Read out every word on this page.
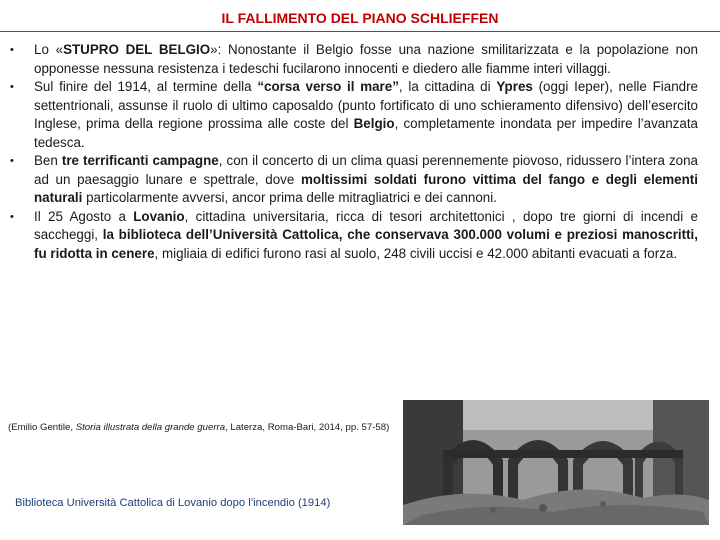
IL FALLIMENTO DEL PIANO SCHLIEFFEN
•	Lo «STUPRO DEL BELGIO»: Nonostante il Belgio fosse una nazione smilitarizzata e la popolazione non opponesse nessuna resistenza i tedeschi fucilarono innocenti e diedero alle fiamme interi villaggi.
•	Sul finire del 1914, al termine della “corsa verso il mare”, la cittadina di Ypres (oggi Ieper), nelle Fiandre settentrionali, assunse il ruolo di ultimo caposaldo (punto fortificato di uno schieramento difensivo) dell’esercito Inglese, prima della regione prossima alle coste del Belgio, completamente inondata per impedire l’avanzata tedesca.
•	Ben tre terrificanti campagne, con il concerto di un clima quasi perennemente piovoso, ridussero l’intera zona ad un paesaggio lunare e spettrale, dove moltissimi soldati furono vittima del fango e degli elementi naturali particolarmente avversi, ancor prima delle mitragliatrici e dei cannoni.
•	Il 25 Agosto a Lovanio, cittadina universitaria, ricca di tesori architettonici , dopo tre giorni di incendi e saccheggi, la biblioteca dell’Università Cattolica, che conservava 300.000 volumi e preziosi manoscritti, fu ridotta in cenere, migliaia di edifici furono rasi al suolo, 248 civili uccisi e 42.000 abitanti evacuati a forza.
(Emilio Gentile, Storia illustrata della grande guerra, Laterza, Roma-Bari, 2014, pp. 57-58)
Biblioteca Università Cattolica di Lovanio dopo l’incendio (1914)
